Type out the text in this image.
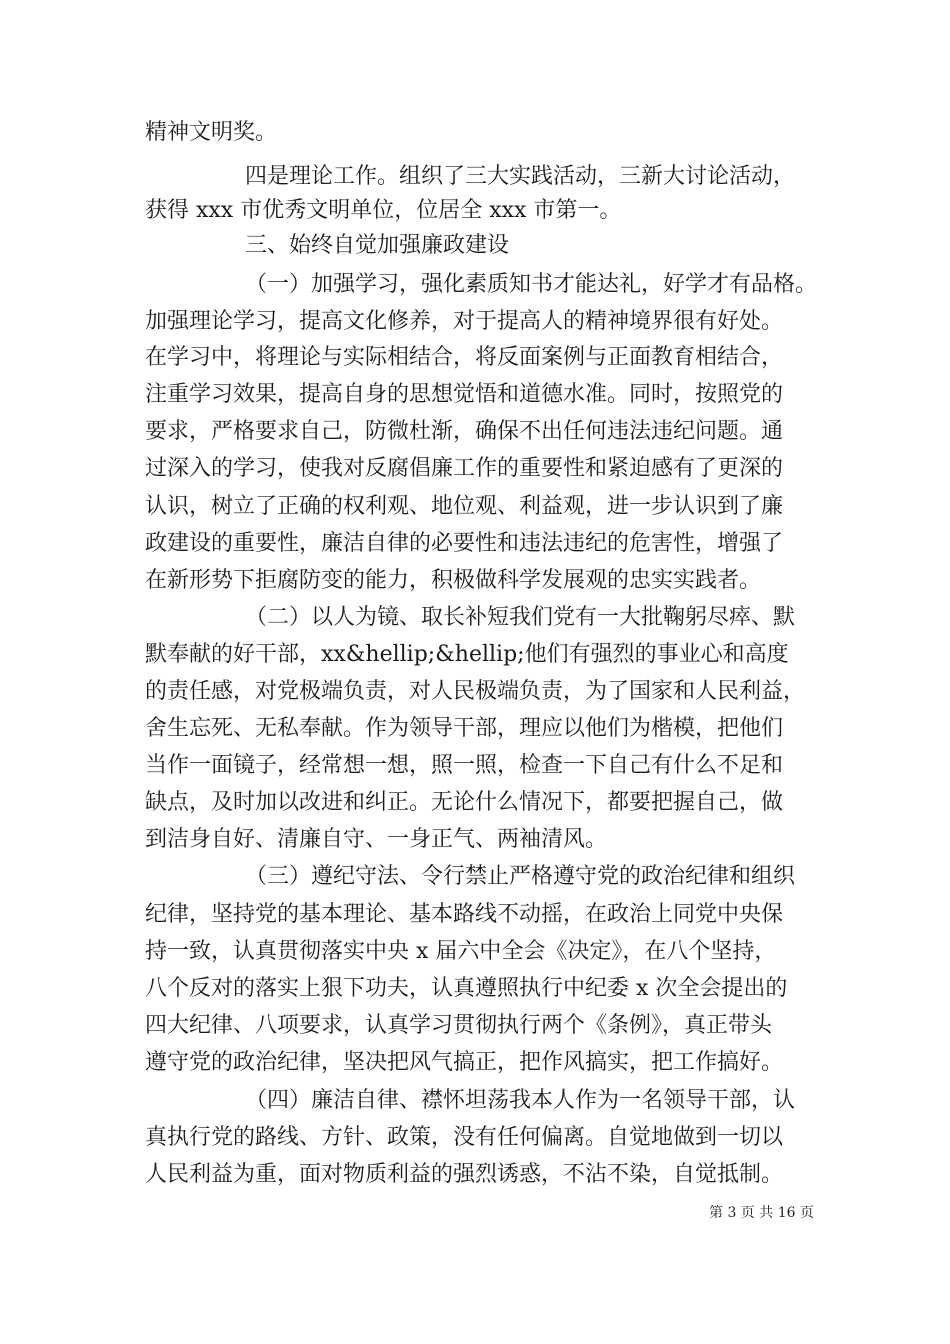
精神文明奖。
四是理论工作。组织了三大实践活动，三新大讨论活动，
获得 xxx 市优秀文明单位，位居全 xxx 市第一。
三、始终自觉加强廉政建设
（一）加强学习，强化素质知书才能达礼，好学才有品格。
加强理论学习，提高文化修养，对于提高人的精神境界很有好处。
在学习中，将理论与实际相结合，将反面案例与正面教育相结合，
注重学习效果，提高自身的思想觉悟和道德水准。同时，按照党的
要求，严格要求自己，防微杜渐，确保不出任何违法违纪问题。通
过深入的学习，使我对反腐倡廉工作的重要性和紧迫感有了更深的
认识，树立了正确的权利观、地位观、利益观，进一步认识到了廉
政建设的重要性，廉洁自律的必要性和违法违纪的危害性，增强了
在新形势下拒腐防变的能力，积极做科学发展观的忠实实践者。
（二）以人为镜、取长补短我们党有一大批鞠躬尽瘁、默
默奉献的好干部，xx&hellip;&hellip;他们有强烈的事业心和高度
的责任感，对党极端负责，对人民极端负责，为了国家和人民利益，
舍生忘死、无私奉献。作为领导干部，理应以他们为楷模，把他们
当作一面镜子，经常想一想，照一照，检查一下自己有什么不足和
缺点，及时加以改进和纠正。无论什么情况下，都要把握自己，做
到洁身自好、清廉自守、一身正气、两袖清风。
（三）遵纪守法、令行禁止严格遵守党的政治纪律和组织
纪律，坚持党的基本理论、基本路线不动摇，在政治上同党中央保
持一致，认真贯彻落实中央 x 届六中全会《决定》，在八个坚持，
八个反对的落实上狠下功夫，认真遵照执行中纪委 x 次全会提出的
四大纪律、八项要求，认真学习贯彻执行两个《条例》，真正带头
遵守党的政治纪律，坚决把风气搞正，把作风搞实，把工作搞好。
（四）廉洁自律、襟怀坦荡我本人作为一名领导干部，认
真执行党的路线、方针、政策，没有任何偏离。自觉地做到一切以
人民利益为重，面对物质利益的强烈诱惑，不沾不染，自觉抵制。
第 3 页 共 16 页
